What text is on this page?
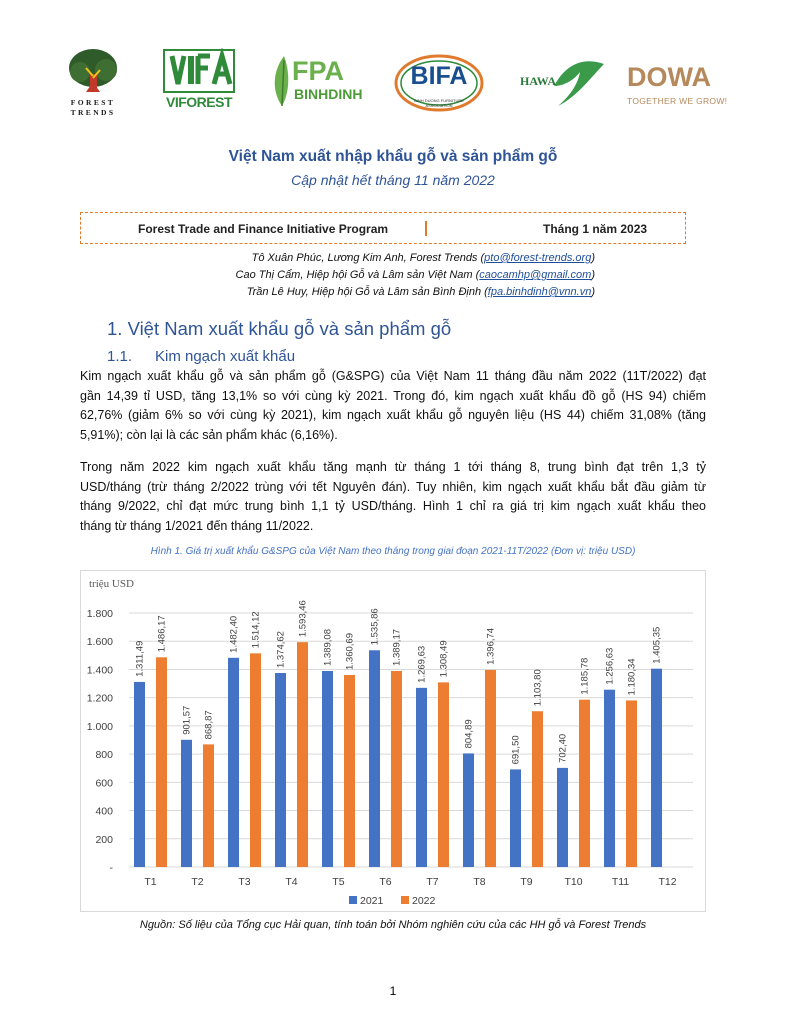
FOREST
TRENDS
VIFOREST
FPA
BINHDINH
BIFA
BINH DUONG FURNITURE ASSOCIATION
HAWA	DOWA
TOGETHER WE GROW!
Việt Nam xuất nhập khẩu gỗ và sản phẩm gỗ
Cập nhật hết tháng 11 năm 2022
Forest Trade and Finance Initiative Program	Tháng 1 năm 2023
Tô Xuân Phúc, Lương Kim Anh, Forest Trends (pto@forest-trends.org)
Cao Thị Cẩm, Hiệp hội Gỗ và Lâm sản Việt Nam (caocamhp@gmail.com)
Trần Lê Huy, Hiệp hội Gỗ và Lâm sản Bình Định (fpa.binhdinh@vnn.vn)
1. Việt Nam xuất khẩu gỗ và sản phẩm gỗ
1.1. Kim ngạch xuất khẩu
Kim ngạch xuất khẩu gỗ và sản phẩm gỗ (G&SPG) của Việt Nam 11 tháng đầu năm 2022 (11T/2022) đạt
gần 14,39 tỉ USD, tăng 13,1% so với cùng kỳ 2021. Trong đó, kim ngạch xuất khẩu đồ gỗ (HS 94) chiếm
62,76% (giảm 6% so với cùng kỳ 2021), kim ngạch xuất khẩu gỗ nguyên liệu (HS 44) chiếm 31,08% (tăng
5,91%); còn lại là các sản phẩm khác (6,16%).
Trong năm 2022 kim ngạch xuất khẩu tăng mạnh từ tháng 1 tới tháng 8, trung bình đạt trên 1,3 tỷ
USD/tháng (trừ tháng 2/2022 trùng với tết Nguyên đán). Tuy nhiên, kim ngạch xuất khẩu bắt đầu giảm từ
tháng 9/2022, chỉ đạt mức trung bình 1,1 tỷ USD/tháng. Hình 1 chỉ ra giá trị kim ngạch xuất khẩu theo
tháng từ tháng 1/2021 đến tháng 11/2022.
Hình 1. Giá trị xuất khẩu G&SPG của Việt Nam theo tháng trong giai đoạn 2021-11T/2022 (Đơn vị: triệu USD)
triệu USD
-
200
400
600
800
1.000
1.200
1.400
1.600
1.800
1.311,49
1.486,17
T1
901,57 868,87
T2
1.482,40 1.514,12
T3
1.374,62
1.593,46
T4
1.389,08 1.360,69
T5
1.535,86
1.389,17
T6
1.269,63 1.308,49
T7
804,89
1.396,74
T8
691,50
1.103,80
T9
702,40
1.185,78
T10
1.256,63 1.180,34
T11
1.405,35
T12
2021	2022
Nguồn: Số liệu của Tổng cục Hải quan, tính toán bởi Nhóm nghiên cứu của các HH gỗ và Forest Trends
1
